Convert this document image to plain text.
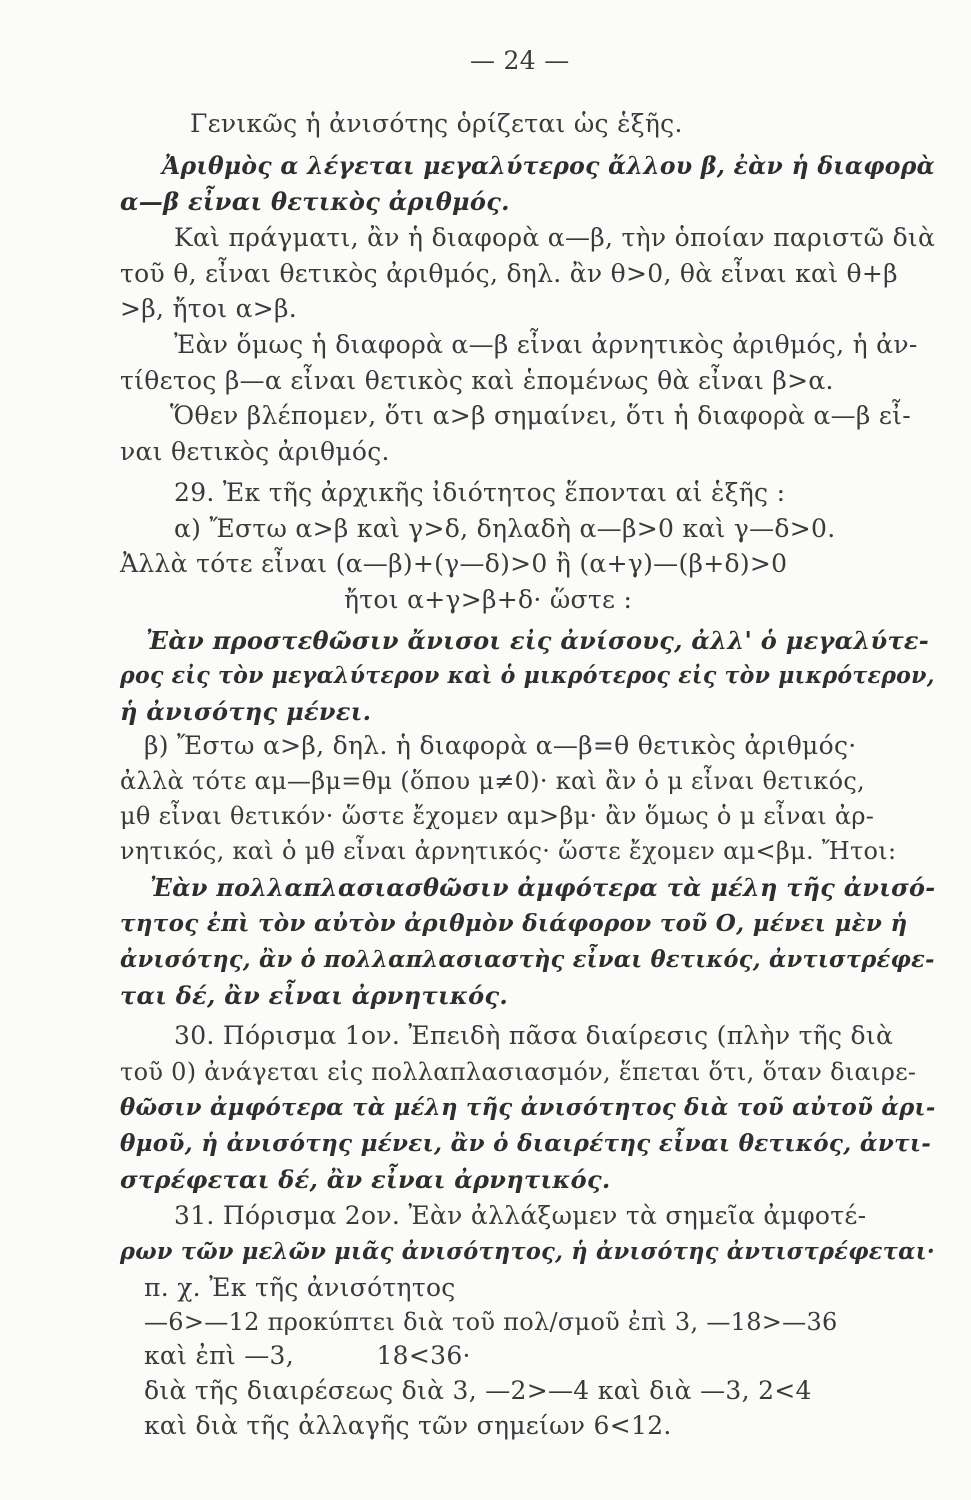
— 24 —
Γενικῶς ἡ ἀνισότης ὁρίζεται ὡς ἑξῆς.
Ἀριθμὸς α λέγεται μεγαλύτερος ἄλλου β, ἐὰν ἡ διαφορὰ
α—β εἶναι θετικὸς ἀριθμός.
Καὶ πράγματι, ἂν ἡ διαφορὰ α—β, τὴν ὁποίαν παριστῶ διὰ
τοῦ θ, εἶναι θετικὸς ἀριθμός, δηλ. ἂν θ>0, θὰ εἶναι καὶ θ+β
>β, ἤτοι α>β.
Ἐὰν ὅμως ἡ διαφορὰ α—β εἶναι ἀρνητικὸς ἀριθμός, ἡ ἀν-
τίθετος β—α εἶναι θετικὸς καὶ ἑπομένως θὰ εἶναι β>α.
Ὅθεν βλέπομεν, ὅτι α>β σημαίνει, ὅτι ἡ διαφορὰ α—β εἶ-
ναι θετικὸς ἀριθμός.
29. Ἐκ τῆς ἀρχικῆς ἰδιότητος ἕπονται αἱ ἑξῆς :
α) Ἔστω α>β καὶ γ>δ, δηλαδὴ α—β>0 καὶ γ—δ>0.
Ἀλλὰ τότε εἶναι (α—β)+(γ—δ)>0 ἢ (α+γ)—(β+δ)>0
ἤτοι α+γ>β+δ· ὥστε :
Ἐὰν προστεθῶσιν ἄνισοι εἰς ἀνίσους, ἀλλ' ὁ μεγαλύτε-
ρος εἰς τὸν μεγαλύτερον καὶ ὁ μικρότερος εἰς τὸν μικρότερον,
ἡ ἀνισότης μένει.
β) Ἔστω α>β, δηλ. ἡ διαφορὰ α—β=θ θετικὸς ἀριθμός·
ἀλλὰ τότε αμ—βμ=θμ (ὅπου μ≠0)· καὶ ἂν ὁ μ εἶναι θετικός,
μθ εἶναι θετικόν· ὥστε ἔχομεν αμ>βμ· ἂν ὅμως ὁ μ εἶναι ἀρ-
νητικός, καὶ ὁ μθ εἶναι ἀρνητικός· ὥστε ἔχομεν αμ<βμ. Ἤτοι:
Ἐὰν πολλαπλασιασθῶσιν ἀμφότερα τὰ μέλη τῆς ἀνισό-
τητος ἐπὶ τὸν αὐτὸν ἀριθμὸν διάφορον τοῦ Ο, μένει μὲν ἡ
ἀνισότης, ἂν ὁ πολλαπλασιαστὴς εἶναι θετικός, ἀντιστρέφε-
ται δέ, ἂν εἶναι ἀρνητικός.
30. Πόρισμα 1ον. Ἐπειδὴ πᾶσα διαίρεσις (πλὴν τῆς διὰ
τοῦ 0) ἀνάγεται εἰς πολλαπλασιασμόν, ἕπεται ὅτι, ὅταν διαιρε-
θῶσιν ἀμφότερα τὰ μέλη τῆς ἀνισότητος διὰ τοῦ αὐτοῦ ἀρι-
θμοῦ, ἡ ἀνισότης μένει, ἂν ὁ διαιρέτης εἶναι θετικός, ἀντι-
στρέφεται δέ, ἂν εἶναι ἀρνητικός.
31. Πόρισμα 2ον. Ἐὰν ἀλλάξωμεν τὰ σημεῖα ἀμφοτέ-
ρων τῶν μελῶν μιᾶς ἀνισότητος, ἡ ἀνισότης ἀντιστρέφεται·
π. χ. Ἐκ τῆς ἀνισότητος
—6>—12 προκύπτει διὰ τοῦ πολ/σμοῦ ἐπὶ 3, —18>—36
καὶ ἐπὶ —3,          18<36·
διὰ τῆς διαιρέσεως διὰ 3, —2>—4 καὶ διὰ —3, 2<4
καὶ διὰ τῆς ἀλλαγῆς τῶν σημείων 6<12.
